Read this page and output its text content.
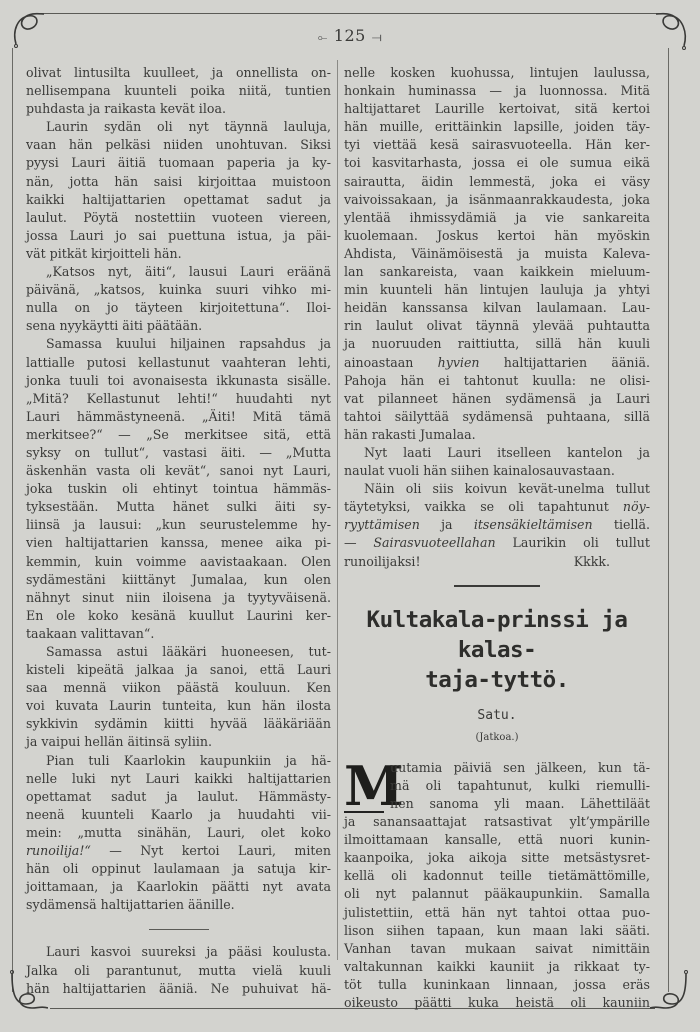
⟜ 125 ⟞

olivat lintusilta kuulleet, ja onnellista on-
nellisempana kuunteli poika niitä, tuntien
puhdasta ja raikasta kevät iloa.

Laurin sydän oli nyt täynnä lauluja,
vaan hän pelkäsi niiden unohtuvan. Siksi
pyysi Lauri äitiä tuomaan paperia ja ky-
nän, jotta hän saisi kirjoittaa muistoon
kaikki haltijattarien opettamat sadut ja
laulut. Pöytä nostettiin vuoteen viereen,
jossa Lauri jo sai puettuna istua, ja päi-
vät pitkät kirjoitteli hän.

„Katsos nyt, äiti“, lausui Lauri eräänä
päivänä, „katsos, kuinka suuri vihko mi-
nulla on jo täyteen kirjoitettuna“. Iloi-
sena nyykäytti äiti päätään.

Samassa kuului hiljainen rapsahdus ja
lattialle putosi kellastunut vaahteran lehti,
jonka tuuli toi avonaisesta ikkunasta sisälle.
„Mitä? Kellastunut lehti!“ huudahti nyt
Lauri hämmästyneenä. „Äiti! Mitä tämä
merkitsee?“ — „Se merkitsee sitä, että
syksy on tullut“, vastasi äiti. — „Mutta
äskenhän vasta oli kevät“, sanoi nyt Lauri,
joka tuskin oli ehtinyt tointua hämmäs-
tyksestään. Mutta hänet sulki äiti sy-
liinsä ja lausui: „kun seurustelemme hy-
vien haltijattarien kanssa, menee aika pi-
kemmin, kuin voimme aavistaakaan. Olen
sydämestäni kiittänyt Jumalaa, kun olen
nähnyt sinut niin iloisena ja tyytyväisenä.
En ole koko kesänä kuullut Laurini ker-
taakaan valittavan“.

Samassa astui lääkäri huoneesen, tut-
kisteli kipeätä jalkaa ja sanoi, että Lauri
saa mennä viikon päästä kouluun. Ken
voi kuvata Laurin tunteita, kun hän ilosta
sykkivin sydämin kiitti hyvää lääkäriään
ja vaipui hellän äitinsä syliin.

Pian tuli Kaarlokin kaupunkiin ja hä-
nelle luki nyt Lauri kaikki haltijattarien
opettamat sadut ja laulut. Hämmästy-
neenä kuunteli Kaarlo ja huudahti vii-
mein: „mutta sinähän, Lauri, olet koko
runoilija!“ — Nyt kertoi Lauri, miten
hän oli oppinut laulamaan ja satuja kir-
joittamaan, ja Kaarlokin päätti nyt avata
sydämensä haltijattarien äänille.

Lauri kasvoi suureksi ja pääsi koulusta.
Jalka oli parantunut, mutta vielä kuuli
hän haltijattarien ääniä. Ne puhuivat hä-

nelle kosken kuohussa, lintujen laulussa,
honkain huminassa — ja luonnossa. Mitä
haltijattaret Laurille kertoivat, sitä kertoi
hän muille, erittäinkin lapsille, joiden täy-
tyi viettää kesä sairasvuoteella. Hän ker-
toi kasvitarhasta, jossa ei ole sumua eikä
sairautta, äidin lemmestä, joka ei väsy
vaivoissakaan, ja isänmaanrakkaudesta, joka
ylentää ihmissydämiä ja vie sankareita
kuolemaan. Joskus kertoi hän myöskin
Ahdista, Väinämöisestä ja muista Kaleva-
lan sankareista, vaan kaikkein mieluum-
min kuunteli hän lintujen lauluja ja yhtyi
heidän kanssansa kilvan laulamaan. Lau-
rin laulut olivat täynnä ylevää puhtautta
ja nuoruuden raittiutta, sillä hän kuuli
ainoastaan hyvien haltijattarien ääniä.
Pahoja hän ei tahtonut kuulla: ne olisi-
vat pilanneet hänen sydämensä ja Lauri
tahtoi säilyttää sydämensä puhtaana, sillä
hän rakasti Jumalaa.

Nyt laati Lauri itselleen kantelon ja
naulat vuoli hän siihen kainalosauvastaan.

Näin oli siis koivun kevät-unelma tullut
täytetyksi, vaikka se oli tapahtunut nöy-
ryyttämisen ja itsensäkieltämisen tiellä.
— Sairasvuoteellahan Laurikin oli tullut
runoilijaksi!	Kkkk.

Kultakala-prinssi ja kalas-
taja-tyttö.
Satu.
(Jatkoa.)

M
uutamia päiviä sen jälkeen, kun tä-
mä oli tapahtunut, kulki riemulli-
nen sanoma yli maan. Lähettiläät
ja sanansaattajat ratsastivat ylt’ympärille
ilmoittamaan kansalle, että nuori kunin-
kaanpoika, joka aikoja sitte metsästysret-
kellä oli kadonnut teille tietämättömille,
oli nyt palannut pääkaupunkiin. Samalla
julistettiin, että hän nyt tahtoi ottaa puo-
lison siihen tapaan, kun maan laki sääti.
Vanhan tavan mukaan saivat nimittäin
valtakunnan kaikki kauniit ja rikkaat ty-
töt tulla kuninkaan linnaan, jossa eräs
oikeusto päätti kuka heistä oli kauniin
